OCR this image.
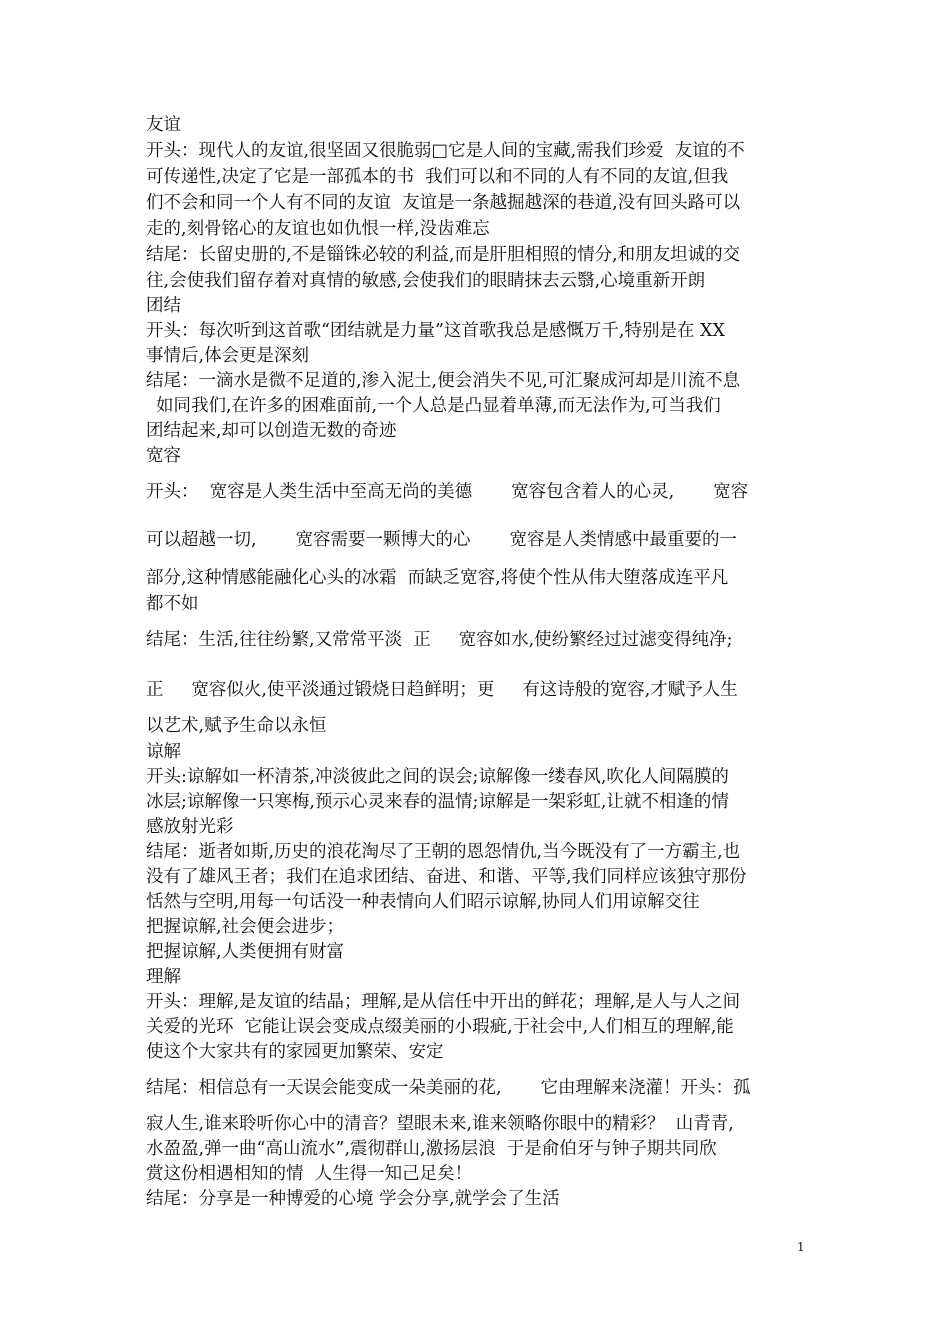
友谊

开头：现代人的友谊,很坚固又很脆弱□它是人间的宝藏,需我们珍爱  友谊的不

可传递性,决定了它是一部孤本的书  我们可以和不同的人有不同的友谊,但我

们不会和同一个人有不同的友谊  友谊是一条越掘越深的巷道,没有回头路可以

走的,刻骨铭心的友谊也如仇恨一样,没齿难忘

结尾：长留史册的,不是锱铢必较的利益,而是肝胆相照的情分,和朋友坦诚的交

往,会使我们留存着对真情的敏感,会使我们的眼睛抹去云翳,心境重新开朗

团结

开头：每次听到这首歌“团结就是力量”这首歌我总是感慨万千,特别是在 XX

事情后,体会更是深刻

结尾：一滴水是微不足道的,渗入泥土,便会消失不见,可汇聚成河却是川流不息

如同我们,在许多的困难面前,一个人总是凸显着单薄,而无法作为,可当我们

团结起来,却可以创造无数的奇迹

宽容

开头：  宽容是人类生活中至高无尚的美德       宽容包含着人的心灵,       宽容

可以超越一切,       宽容需要一颗博大的心       宽容是人类情感中最重要的一

部分,这种情感能融化心头的冰霜  而缺乏宽容,将使个性从伟大堕落成连平凡

都不如

结尾：生活,往往纷繁,又常常平淡  正     宽容如水,使纷繁经过过滤变得纯净;

正     宽容似火,使平淡通过锻烧日趋鲜明；更     有这诗般的宽容,才赋予人生

以艺术,赋予生命以永恒

谅解

开头:谅解如一杯清茶,冲淡彼此之间的误会;谅解像一缕春风,吹化人间隔膜的

冰层;谅解像一只寒梅,预示心灵来春的温情;谅解是一架彩虹,让就不相逢的情

感放射光彩

结尾：逝者如斯,历史的浪花淘尽了王朝的恩怨情仇,当今既没有了一方霸主,也

没有了雄风王者；我们在追求团结、奋进、和谐、平等,我们同样应该独守那份

恬然与空明,用每一句话没一种表情向人们昭示谅解,协同人们用谅解交往

把握谅解,社会便会进步；

把握谅解,人类便拥有财富

理解

开头：理解,是友谊的结晶；理解,是从信任中开出的鲜花；理解,是人与人之间

关爱的光环  它能让误会变成点缀美丽的小瑕疵,于社会中,人们相互的理解,能

使这个大家共有的家园更加繁荣、安定

结尾：相信总有一天误会能变成一朵美丽的花,       它由理解来浇灌！开头：孤

寂人生,谁来聆听你心中的清音？望眼未来,谁来领略你眼中的精彩？  山青青,

水盈盈,弹一曲“高山流水”,震彻群山,激扬层浪  于是俞伯牙与钟子期共同欣

赏这份相遇相知的情  人生得一知己足矣！

结尾：分享是一种博爱的心境 学会分享,就学会了生活

1
